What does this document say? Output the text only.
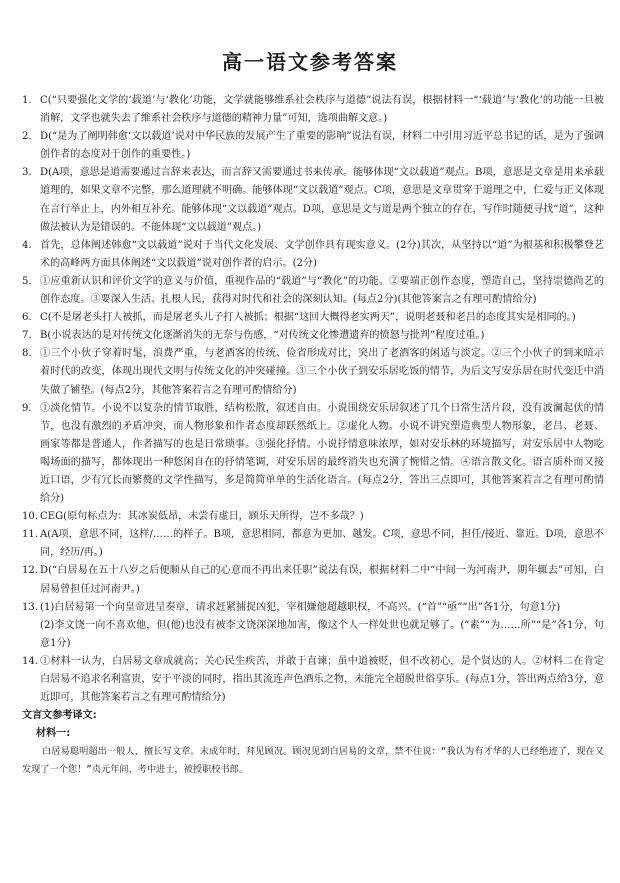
高一语文参考答案

1. C(“只要强化文学的‘载道’与‘教化’功能，文学就能够维系社会秩序与道德”说法有误，根据材料一“‘载道’与‘教化’的功能一旦被消解，文学也就失去了维系社会秩序与道德的精神力量”可知，选项曲解文意。)

2. D(“是为了阐明韩愈‘文以载道’说对中华民族的发展产生了重要的影响”说法有误，材料二中引用习近平总书记的话，是为了强调创作者的态度对于创作的重要性。)

3. D(A项，意思是道需要通过言辞来表达，而言辞又需要通过书来传承。能够体现“文以载道”观点。B项，意思是文章是用来承载道理的，如果文章不完整，那么道理就不明确。能够体现“文以载道”观点。C项，意思是文章贯穿于道理之中，仁爱与正义体现在言行举止上，内外相互补充。能够体现“文以载道”观点。D项，意思是文与道是两个独立的存在，写作时随便寻找“道”，这种做法被认为是错误的。不能体现“文以载道”观点。)

4. 首先，总体阐述韩愈“文以载道”说对于当代文化发展、文学创作具有现实意义。(2分)其次，从坚持以“道”为根基和积极攀登艺术的高峰两方面具体阐述“文以载道”说对创作者的启示。(2分)

5. ①应重新认识和评价文学的意义与价值，重视作品的“载道”与“教化”的功能。②要端正创作态度，塑造自己，坚持崇德尚艺的创作态度。③要深入生活、扎根人民，获得对时代和社会的深刻认知。(每点2分)(其他答案言之有理可酌情给分)

6. C(不是屠老头打人被抓，而是屠老头儿子打人被抓；根据“这回大概得老实两天”，说明老聂和老吕的态度其实是相同的。)

7. B(小说表达的是对传统文化逐渐消失的无奈与伤感，“对传统文化惨遭遗弃的愤怒与批判”程度过重。)

8. ①三个小伙子穿着时髦，浪费严重，与老酒客的传统、俭省形成对比，突出了老酒客的闲适与淡定。②三个小伙子的到来暗示着时代的改变，体现出现代文明与传统文化的冲突碰撞。③三个小伙子到安乐居吃饭的情节，为后文写安乐居在时代变迁中消失做了铺垫。(每点2分，其他答案若言之有理可酌情给分)

9. ①淡化情节。小说不以复杂的情节取胜，结构松散，叙述自由。小说围绕安乐居叙述了几个日常生活片段，没有波澜起伏的情节，也没有激烈的矛盾冲突，而人物形象和作者态度却跃然纸上。②虚化人物。小说不讲究塑造典型人物形象，老吕、老聂、画家等都是普通人，作者描写的也是日常琐事。③强化抒情。小说抒情意味浓厚，如对安乐林的环境描写，对安乐居中人物吃喝场面的描写，都体现出一种悠闲自在的抒情笔调，对安乐居的最终消失也充满了惋惜之情。④语言散文化。语言质朴而又接近口语，少有冗长而繁赘的文学性描写，多是简简单单的生活化语言。(每点2分，答出三点即可，其他答案若言之有理可酌情给分)

10. CEG(原句标点为：其冰炭低昂，未尝有虚日，顾乐天所得，岂不多哉？)

11. A(A项，意思不同，这样/……的样子。B项，意思相同，都意为更加、越发。C项，意思不同，担任/接近、靠近。D项，意思不同，经历/再。)

12. D(“白居易在五十八岁之后便顺从自己的心意而不再出来任职”说法有误，根据材料二中“中间一为河南尹，期年辄去”可知，白居易曾担任过河南尹。)

13. (1)白居易第一个向皇帝进呈奏章，请求赶紧捕捉凶犯，宰相嫌他超越职权，不高兴。(“首”“亟”“出”各1分，句意1分)

(2)李文饶一向不喜欢他，但(他)也没有被李文饶深深地加害，像这个人一样处世也就足够了。(“素”“为……所”“是”各1分，句意1分)

14. ①材料一认为，白居易文章成就高；关心民生疾苦，并敢于直谏；虽中道被贬，但不改初心，是个贤达的人。②材料二在肯定白居易不追求名利富贵，安于平淡的同时，指出其流连声色酒乐之物，未能完全超脱世俗享乐。(每点1分，答出两点给3分，意近即可，其他答案若言之有理可酌情给分)

文言文参考译文:

材料一:

白居易聪明超出一般人，擅长写文章。未成年时，拜见顾况。顾况见到白居易的文章，禁不住说：“我认为有才华的人已经绝迹了，现在又发现了一个您！”贞元年间，考中进士，被授职校书郎。
